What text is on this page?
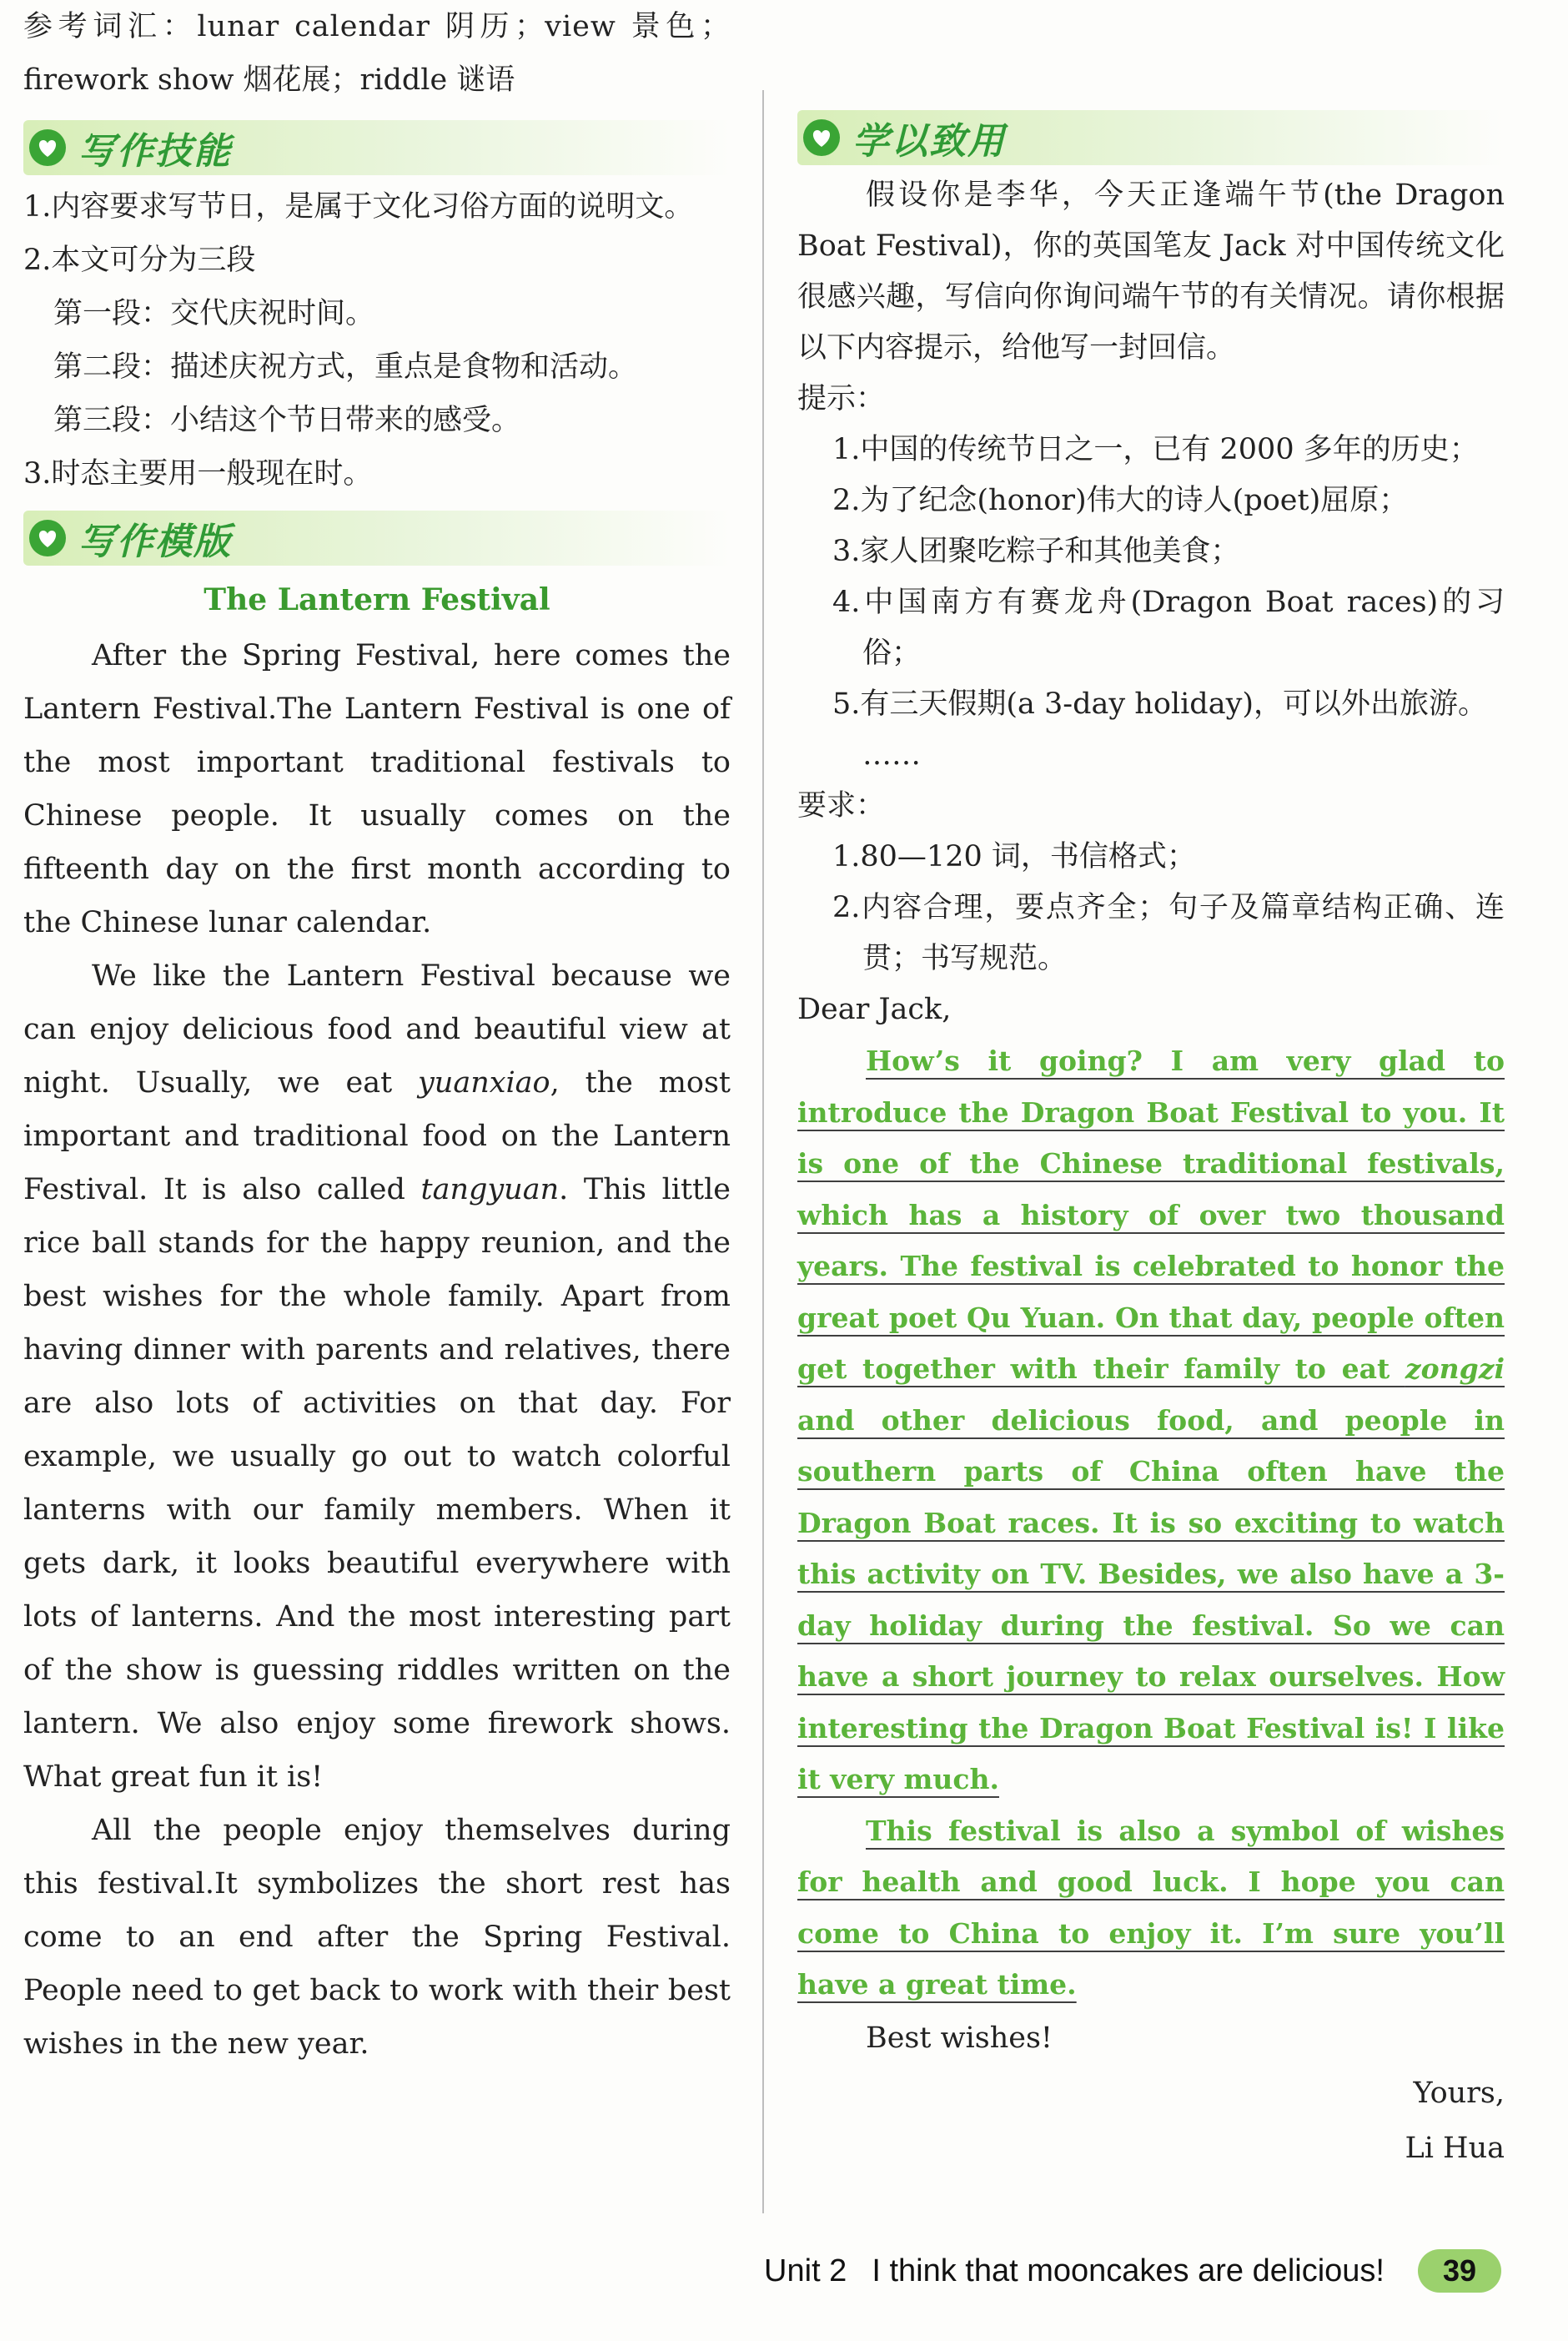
参考词汇：lunar calendar 阴历；view 景色；

firework show 烟花展；riddle 谜语

写作技能

1.内容要求写节日，是属于文化习俗方面的说明文。

2.本文可分为三段

第一段：交代庆祝时间。

第二段：描述庆祝方式，重点是食物和活动。

第三段：小结这个节日带来的感受。

3.时态主要用一般现在时。

写作模版

The Lantern Festival

After the Spring Festival, here comes the Lantern Festival.The Lantern Festival is one of the most important traditional festivals to Chinese people. It usually comes on the fifteenth day on the first month according to the Chinese lunar calendar.

We like the Lantern Festival because we can enjoy delicious food and beautiful view at night. Usually, we eat yuanxiao, the most important and traditional food on the Lantern Festival. It is also called tangyuan. This little rice ball stands for the happy reunion, and the best wishes for the whole family. Apart from having dinner with parents and relatives, there are also lots of activities on that day. For example, we usually go out to watch colorful lanterns with our family members. When it gets dark, it looks beautiful everywhere with lots of lanterns. And the most interesting part of the show is guessing riddles written on the lantern. We also enjoy some firework shows. What great fun it is!

All the people enjoy themselves during this festival.It symbolizes the short rest has come to an end after the Spring Festival. People need to get back to work with their best wishes in the new year.

学以致用

假设你是李华，今天正逢端午节(the Dragon Boat Festival)，你的英国笔友 Jack 对中国传统文化很感兴趣，写信向你询问端午节的有关情况。请你根据以下内容提示，给他写一封回信。

提示：

1.中国的传统节日之一，已有 2000 多年的历史；

2.为了纪念(honor)伟大的诗人(poet)屈原；

3.家人团聚吃粽子和其他美食；

4.中国南方有赛龙舟(Dragon Boat races)的习俗；

5.有三天假期(a 3-day holiday)，可以外出旅游。

……

要求：

1.80—120 词，书信格式；

2.内容合理，要点齐全；句子及篇章结构正确、连贯；书写规范。

Dear Jack,

How’s it going? I am very glad to introduce the Dragon Boat Festival to you. It is one of the Chinese traditional festivals, which has a history of over two thousand years. The festival is celebrated to honor the great poet Qu Yuan. On that day, people often get together with their family to eat zongzi and other delicious food, and people in southern parts of China often have the Dragon Boat races. It is so exciting to watch this activity on TV. Besides, we also have a 3-day holiday during the festival. So we can have a short journey to relax ourselves. How interesting the Dragon Boat Festival is! I like it very much.

This festival is also a symbol of wishes for health and good luck. I hope you can come to China to enjoy it. I’m sure you’ll have a great time.

Best wishes!

Yours,

Li Hua

Unit 2 I think that mooncakes are delicious!	39
